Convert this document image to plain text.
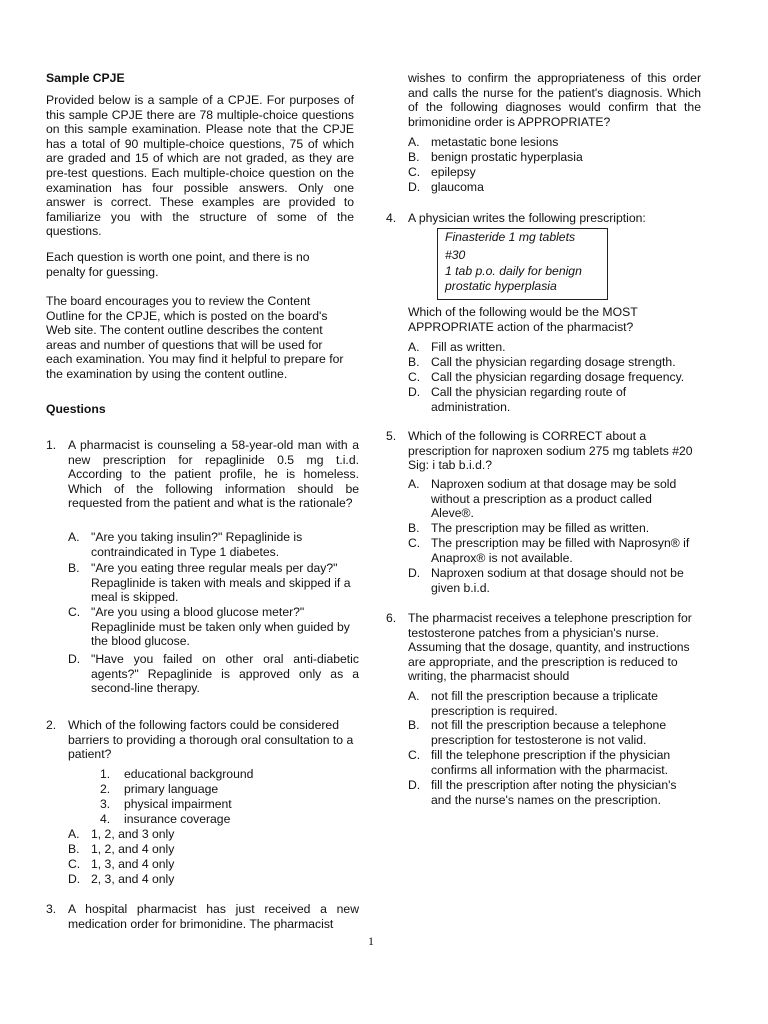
Sample CPJE
Provided below is a sample of a CPJE. For purposes of this sample CPJE there are 78 multiple-choice questions on this sample examination. Please note that the CPJE has a total of 90 multiple-choice questions, 75 of which are graded and 15 of which are not graded, as they are pre-test questions. Each multiple-choice question on the examination has four possible answers. Only one answer is correct. These examples are provided to familiarize you with the structure of some of the questions.
Each question is worth one point, and there is no penalty for guessing.
The board encourages you to review the Content Outline for the CPJE, which is posted on the board's Web site. The content outline describes the content areas and number of questions that will be used for each examination. You may find it helpful to prepare for the examination by using the content outline.
Questions
1. A pharmacist is counseling a 58-year-old man with a new prescription for repaglinide 0.5 mg t.i.d. According to the patient profile, he is homeless. Which of the following information should be requested from the patient and what is the rationale?
A. "Are you taking insulin?" Repaglinide is contraindicated in Type 1 diabetes.
B. "Are you eating three regular meals per day?" Repaglinide is taken with meals and skipped if a meal is skipped.
C. "Are you using a blood glucose meter?" Repaglinide must be taken only when guided by the blood glucose.
D. "Have you failed on other oral anti-diabetic agents?" Repaglinide is approved only as a second-line therapy.
2. Which of the following factors could be considered barriers to providing a thorough oral consultation to a patient?
1. educational background
2. primary language
3. physical impairment
4. insurance coverage
A. 1, 2, and 3 only
B. 1, 2, and 4 only
C. 1, 3, and 4 only
D. 2, 3, and 4 only
3. A hospital pharmacist has just received a new medication order for brimonidine. The pharmacist
wishes to confirm the appropriateness of this order and calls the nurse for the patient's diagnosis. Which of the following diagnoses would confirm that the brimonidine order is APPROPRIATE?
A. metastatic bone lesions
B. benign prostatic hyperplasia
C. epilepsy
D. glaucoma
4. A physician writes the following prescription:
Finasteride 1 mg tablets
#30
1 tab p.o. daily for benign prostatic hyperplasia
Which of the following would be the MOST APPROPRIATE action of the pharmacist?
A. Fill as written.
B. Call the physician regarding dosage strength.
C. Call the physician regarding dosage frequency.
D. Call the physician regarding route of administration.
5. Which of the following is CORRECT about a prescription for naproxen sodium 275 mg tablets #20 Sig: i tab b.i.d.?
A. Naproxen sodium at that dosage may be sold without a prescription as a product called Aleve®.
B. The prescription may be filled as written.
C. The prescription may be filled with Naprosyn® if Anaprox® is not available.
D. Naproxen sodium at that dosage should not be given b.i.d.
6. The pharmacist receives a telephone prescription for testosterone patches from a physician's nurse. Assuming that the dosage, quantity, and instructions are appropriate, and the prescription is reduced to writing, the pharmacist should
A. not fill the prescription because a triplicate prescription is required.
B. not fill the prescription because a telephone prescription for testosterone is not valid.
C. fill the telephone prescription if the physician confirms all information with the pharmacist.
D. fill the prescription after noting the physician's and the nurse's names on the prescription.
1
